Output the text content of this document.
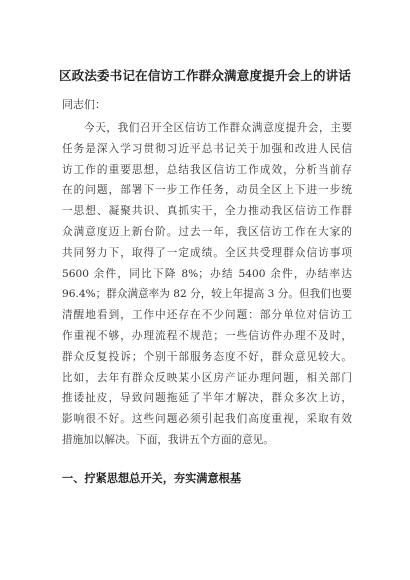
区政法委书记在信访工作群众满意度提升会上的讲话
同志们：
今天，我们召开全区信访工作群众满意度提升会，主要
任务是深入学习贯彻习近平总书记关于加强和改进人民信
访工作的重要思想，总结我区信访工作成效，分析当前存
在的问题，部署下一步工作任务，动员全区上下进一步统
一思想、凝聚共识、真抓实干，全力推动我区信访工作群
众满意度迈上新台阶。过去一年，我区信访工作在大家的
共同努力下，取得了一定成绩。全区共受理群众信访事项
5600 余件，同比下降 8%；办结 5400 余件，办结率达
96.4%；群众满意率为 82 分，较上年提高 3 分。但我们也要
清醒地看到，工作中还存在不少问题：部分单位对信访工
作重视不够，办理流程不规范；一些信访件办理不及时，
群众反复投诉；个别干部服务态度不好，群众意见较大。
比如，去年有群众反映某小区房产证办理问题，相关部门
推诿扯皮，导致问题拖延了半年才解决，群众多次上访，
影响很不好。这些问题必须引起我们高度重视，采取有效
措施加以解决。下面，我讲五个方面的意见。
一、拧紧思想总开关，夯实满意根基
